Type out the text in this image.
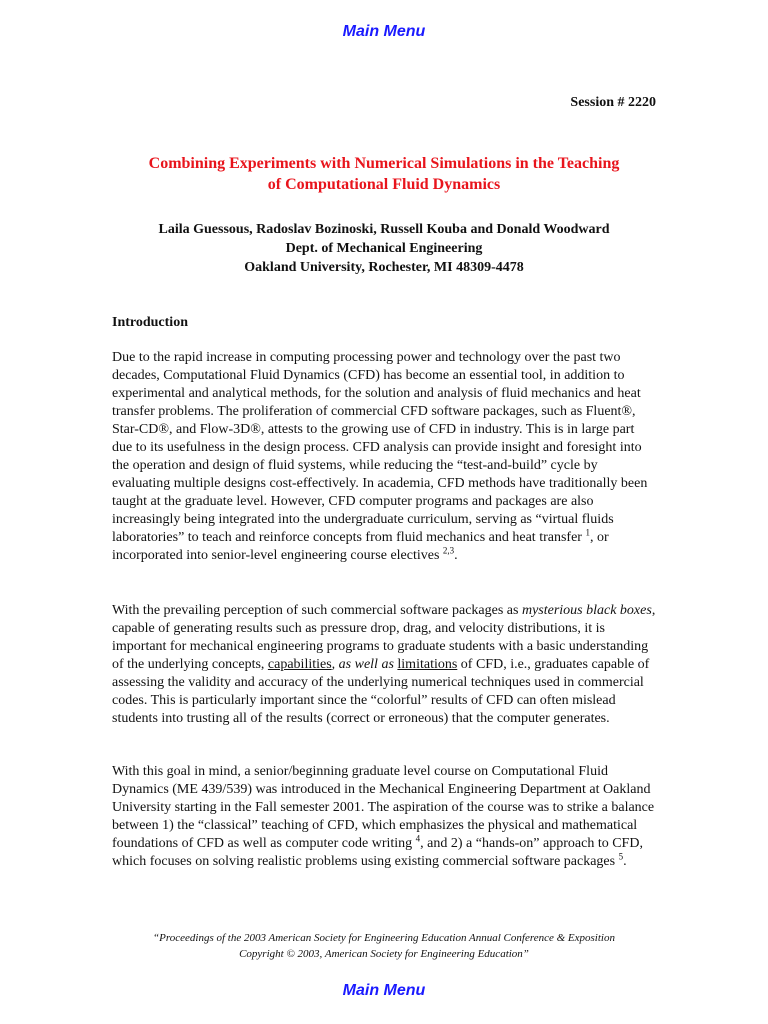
Main Menu
Session # 2220
Combining Experiments with Numerical Simulations in the Teaching
of Computational Fluid Dynamics
Laila Guessous, Radoslav Bozinoski, Russell Kouba and Donald Woodward
Dept. of Mechanical Engineering
Oakland University, Rochester, MI 48309-4478
Introduction

Due to the rapid increase in computing processing power and technology over the past two decades, Computational Fluid Dynamics (CFD) has become an essential tool, in addition to experimental and analytical methods, for the solution and analysis of fluid mechanics and heat transfer problems. The proliferation of commercial CFD software packages, such as Fluent®, Star-CD®, and Flow-3D®, attests to the growing use of CFD in industry. This is in large part due to its usefulness in the design process. CFD analysis can provide insight and foresight into the operation and design of fluid systems, while reducing the “test-and-build” cycle by evaluating multiple designs cost-effectively. In academia, CFD methods have traditionally been taught at the graduate level. However, CFD computer programs and packages are also increasingly being integrated into the undergraduate curriculum, serving as “virtual fluids laboratories” to teach and reinforce concepts from fluid mechanics and heat transfer $^1$, or incorporated into senior-level engineering course electives $^{2,3}$.

With the prevailing perception of such commercial software packages as mysterious black boxes, capable of generating results such as pressure drop, drag, and velocity distributions, it is important for mechanical engineering programs to graduate students with a basic understanding of the underlying concepts, capabilities, as well as limitations of CFD, i.e., graduates capable of assessing the validity and accuracy of the underlying numerical techniques used in commercial codes. This is particularly important since the “colorful” results of CFD can often mislead students into trusting all of the results (correct or erroneous) that the computer generates.

With this goal in mind, a senior/beginning graduate level course on Computational Fluid Dynamics (ME 439/539) was introduced in the Mechanical Engineering Department at Oakland University starting in the Fall semester 2001. The aspiration of the course was to strike a balance between 1) the “classical” teaching of CFD, which emphasizes the physical and mathematical foundations of CFD as well as computer code writing $^4$, and 2) a “hands-on” approach to CFD, which focuses on solving realistic problems using existing commercial software packages $^5$.

“Proceedings of the 2003 American Society for Engineering Education Annual Conference & Exposition
Copyright © 2003, American Society for Engineering Education”
Main Menu
